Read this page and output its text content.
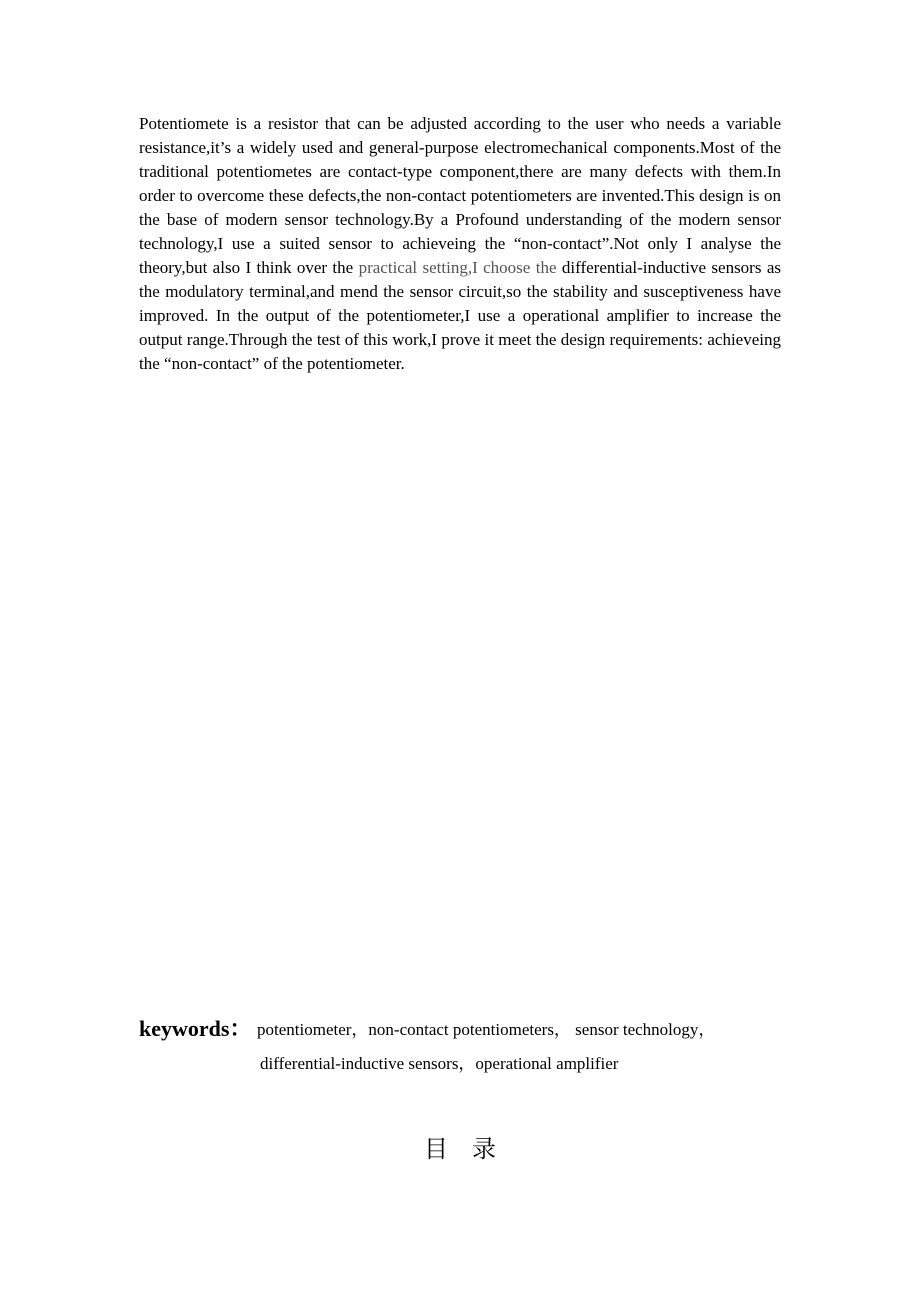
Potentiomete is a resistor that can be adjusted according to the user who needs a variable resistance,it’s a widely used and general-purpose electromechanical components.Most of the traditional potentiometes are contact-type component,there are many defects with them.In order to overcome these defects,the non-contact potentiometers are invented.This design is on the base of modern sensor technology.By a Profound understanding of the modern sensor technology,I use a suited sensor to achieveing the “non-contact”.Not only I analyse the theory,but also I think over the practical setting,I choose the differential-inductive sensors as the modulatory terminal,and mend the sensor circuit,so the stability and susceptiveness have improved. In the output of the potentiometer,I use a operational amplifier to increase the output range.Through the test of this work,I prove it meet the design requirements: achieveing the “non-contact” of the potentiometer.

keywords： potentiometer，non-contact potentiometers， sensor technology，
differential-inductive sensors，operational amplifier
目录
